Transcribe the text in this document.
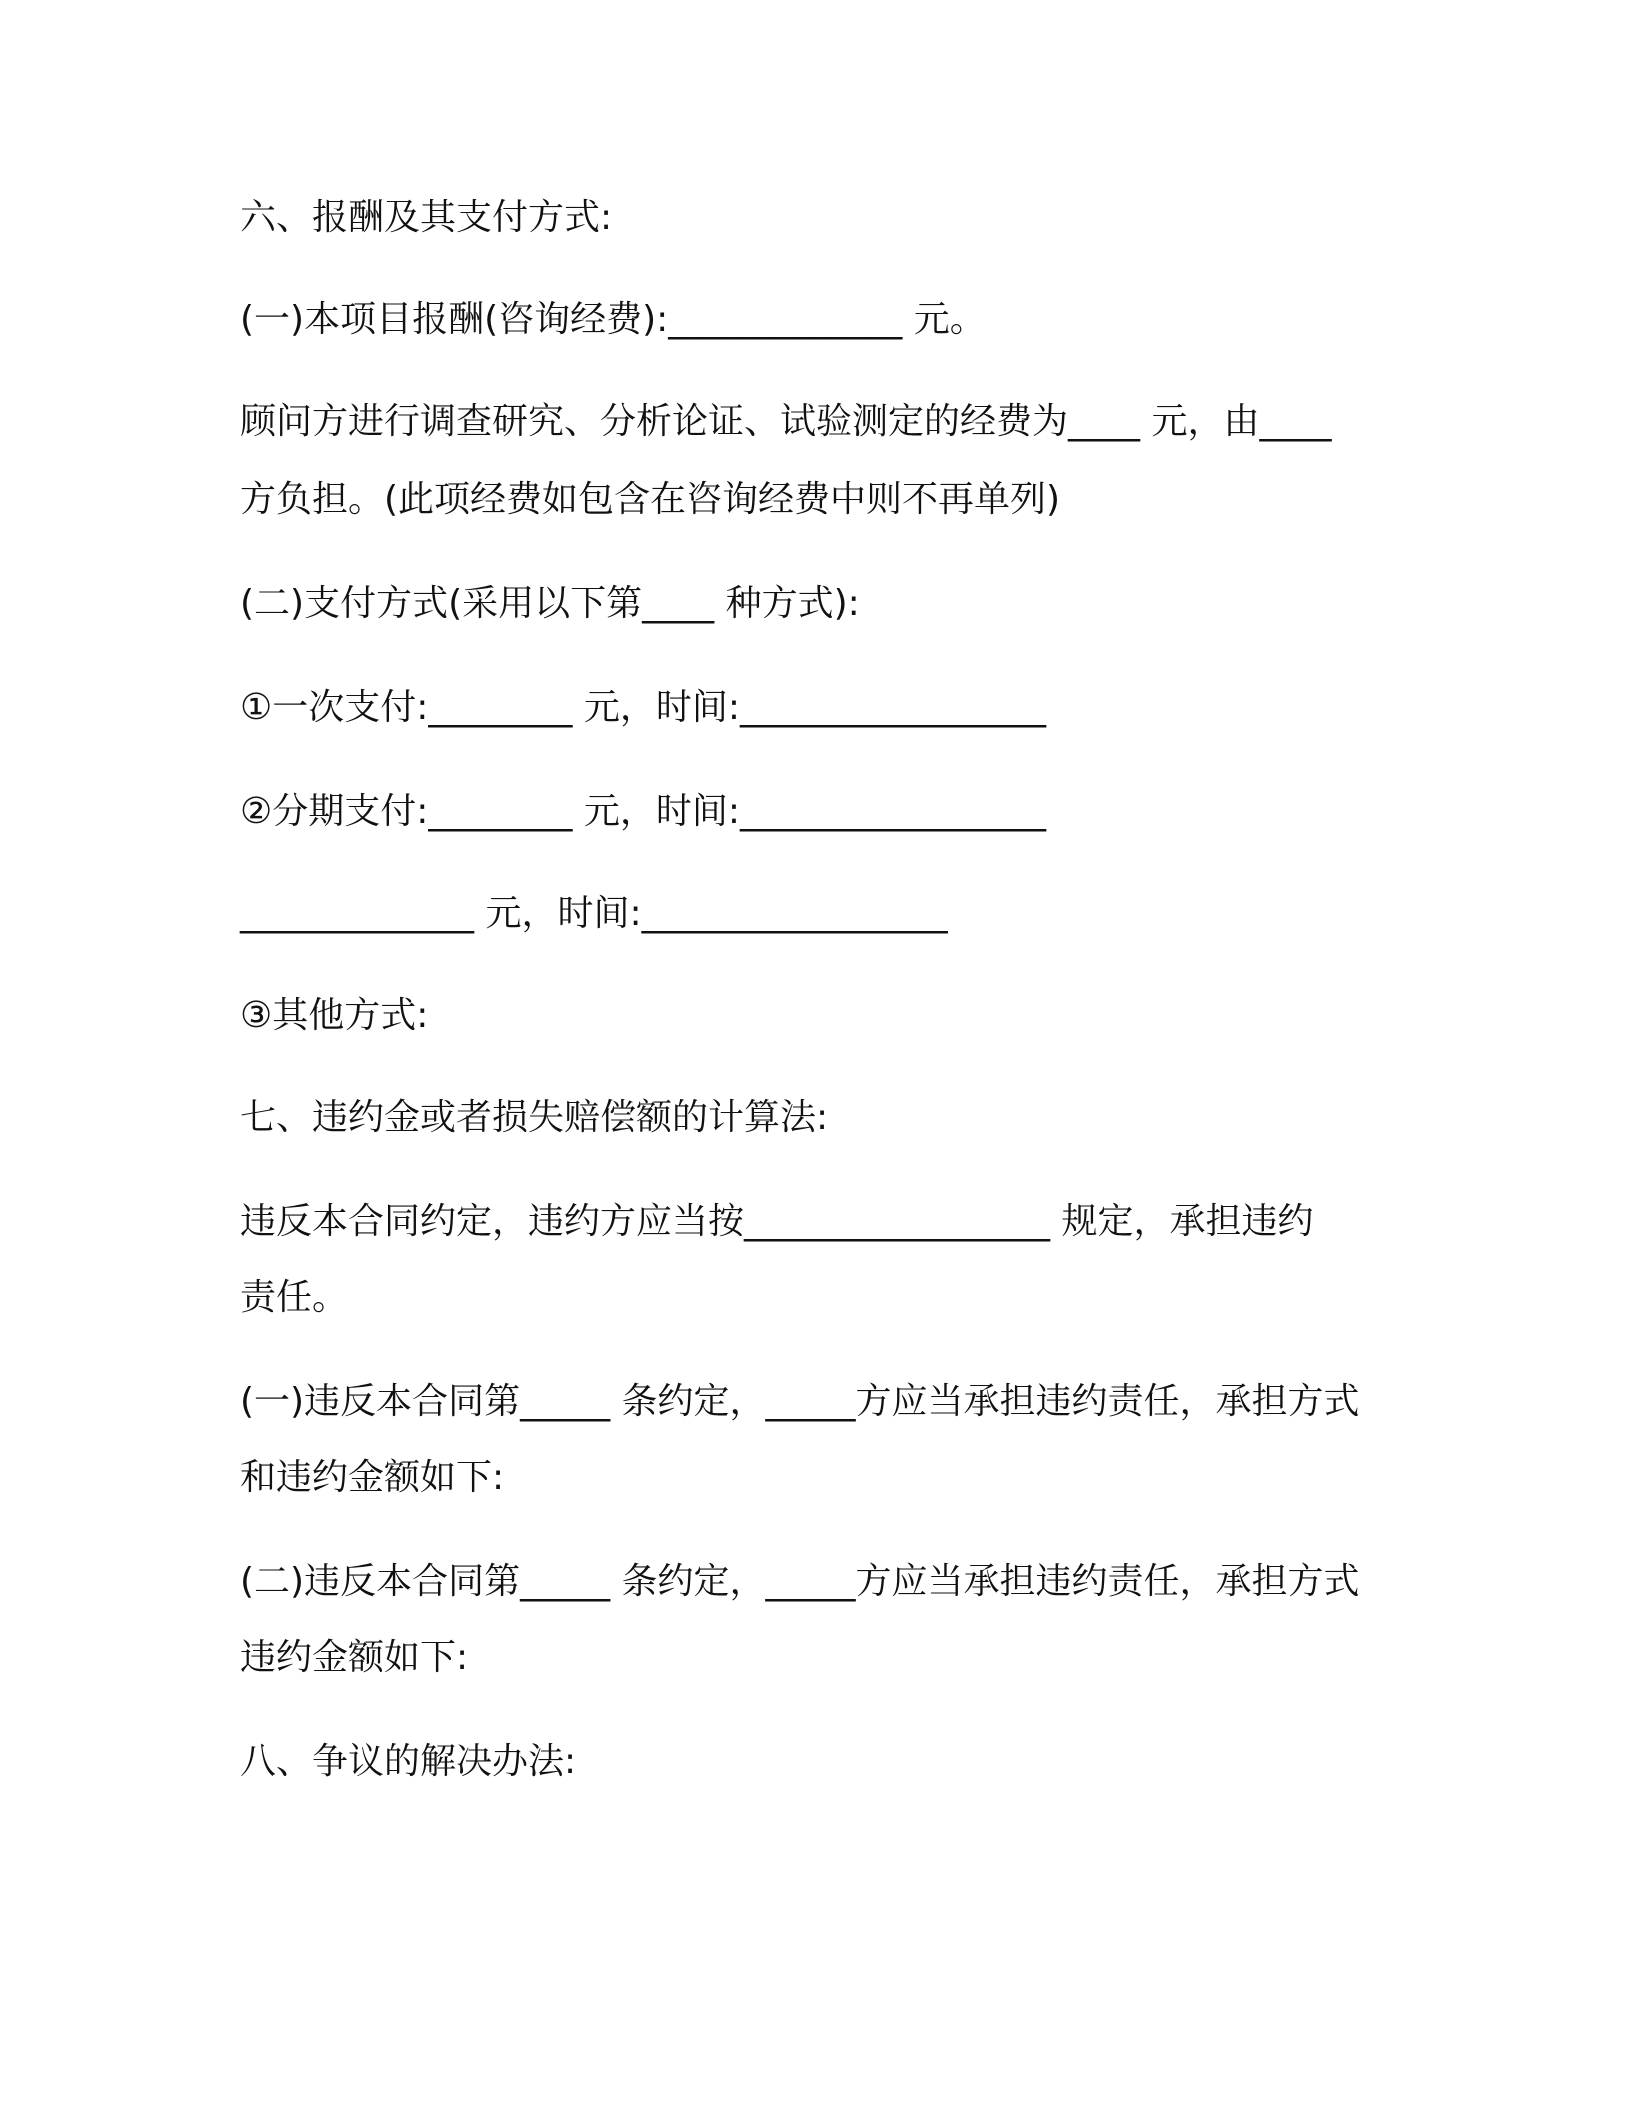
六、报酬及其支付方式:
(一)本项目报酬(咨询经费):_____________ 元。
顾问方进行调查研究、分析论证、试验测定的经费为____ 元，由____
方负担。(此项经费如包含在咨询经费中则不再单列)
(二)支付方式(采用以下第____ 种方式):
①一次支付:________ 元，时间:_________________
②分期支付:________ 元，时间:_________________
_____________ 元，时间:_________________
③其他方式:
七、违约金或者损失赔偿额的计算法:
违反本合同约定，违约方应当按_________________ 规定，承担违约
责任。
(一)违反本合同第_____ 条约定，_____方应当承担违约责任，承担方式
和违约金额如下:
(二)违反本合同第_____ 条约定，_____方应当承担违约责任，承担方式
违约金额如下:
八、争议的解决办法:
